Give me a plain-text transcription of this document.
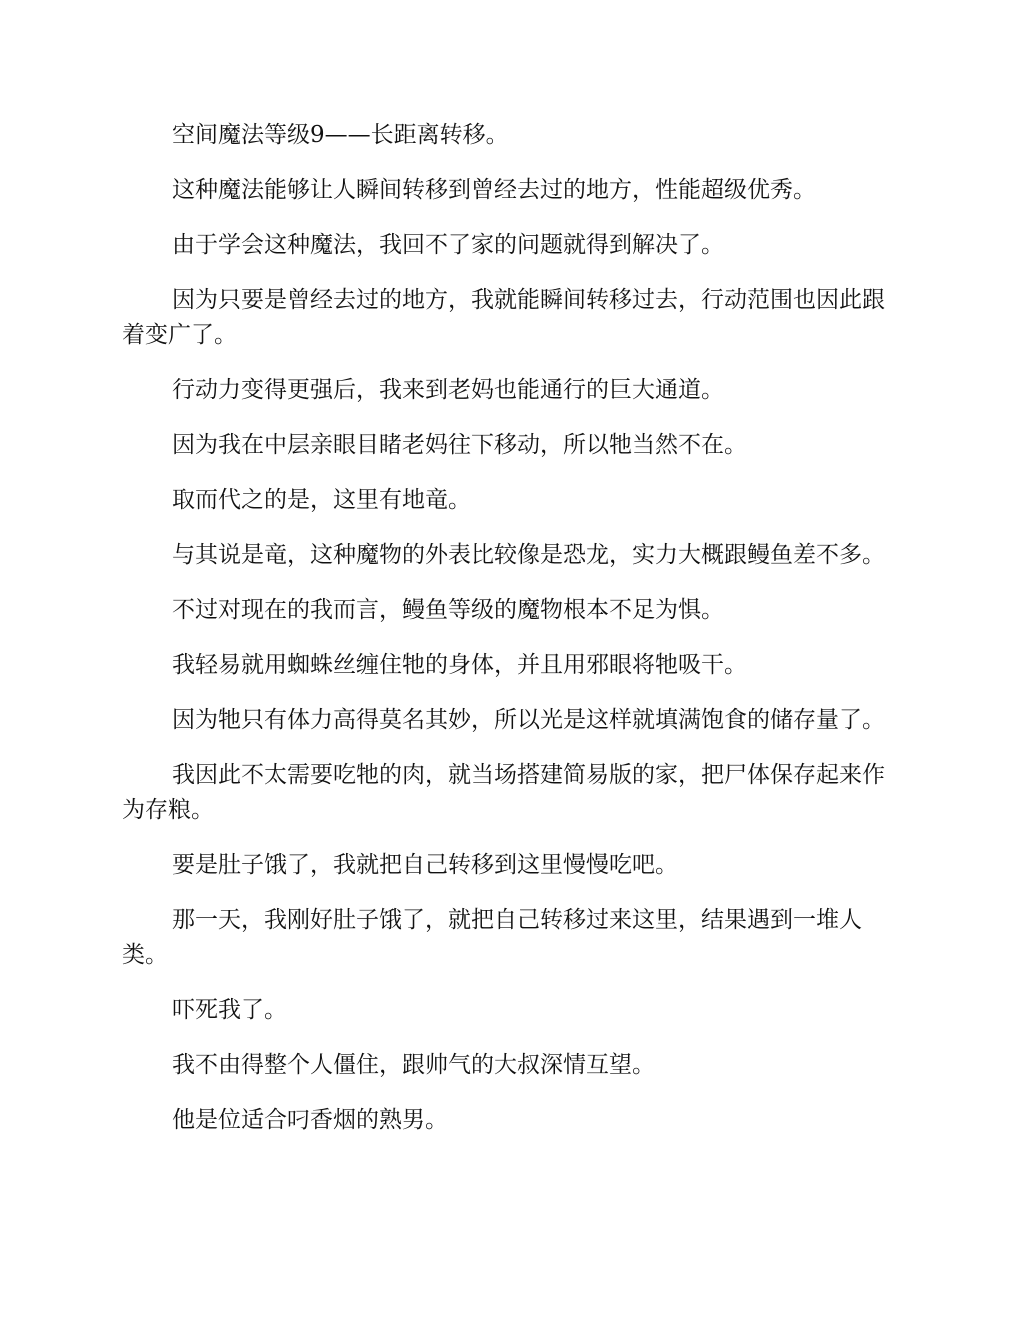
空间魔法等级9——长距离转移。

这种魔法能够让人瞬间转移到曾经去过的地方，性能超级优秀。

由于学会这种魔法，我回不了家的问题就得到解决了。

因为只要是曾经去过的地方，我就能瞬间转移过去，行动范围也因此跟着变广了。

行动力变得更强后，我来到老妈也能通行的巨大通道。

因为我在中层亲眼目睹老妈往下移动，所以牠当然不在。

取而代之的是，这里有地竜。

与其说是竜，这种魔物的外表比较像是恐龙，实力大概跟鳗鱼差不多。

不过对现在的我而言，鳗鱼等级的魔物根本不足为惧。

我轻易就用蜘蛛丝缠住牠的身体，并且用邪眼将牠吸干。

因为牠只有体力高得莫名其妙，所以光是这样就填满饱食的储存量了。

我因此不太需要吃牠的肉，就当场搭建简易版的家，把尸体保存起来作为存粮。

要是肚子饿了，我就把自己转移到这里慢慢吃吧。

那一天，我刚好肚子饿了，就把自己转移过来这里，结果遇到一堆人类。

吓死我了。

我不由得整个人僵住，跟帅气的大叔深情互望。

他是位适合叼香烟的熟男。
